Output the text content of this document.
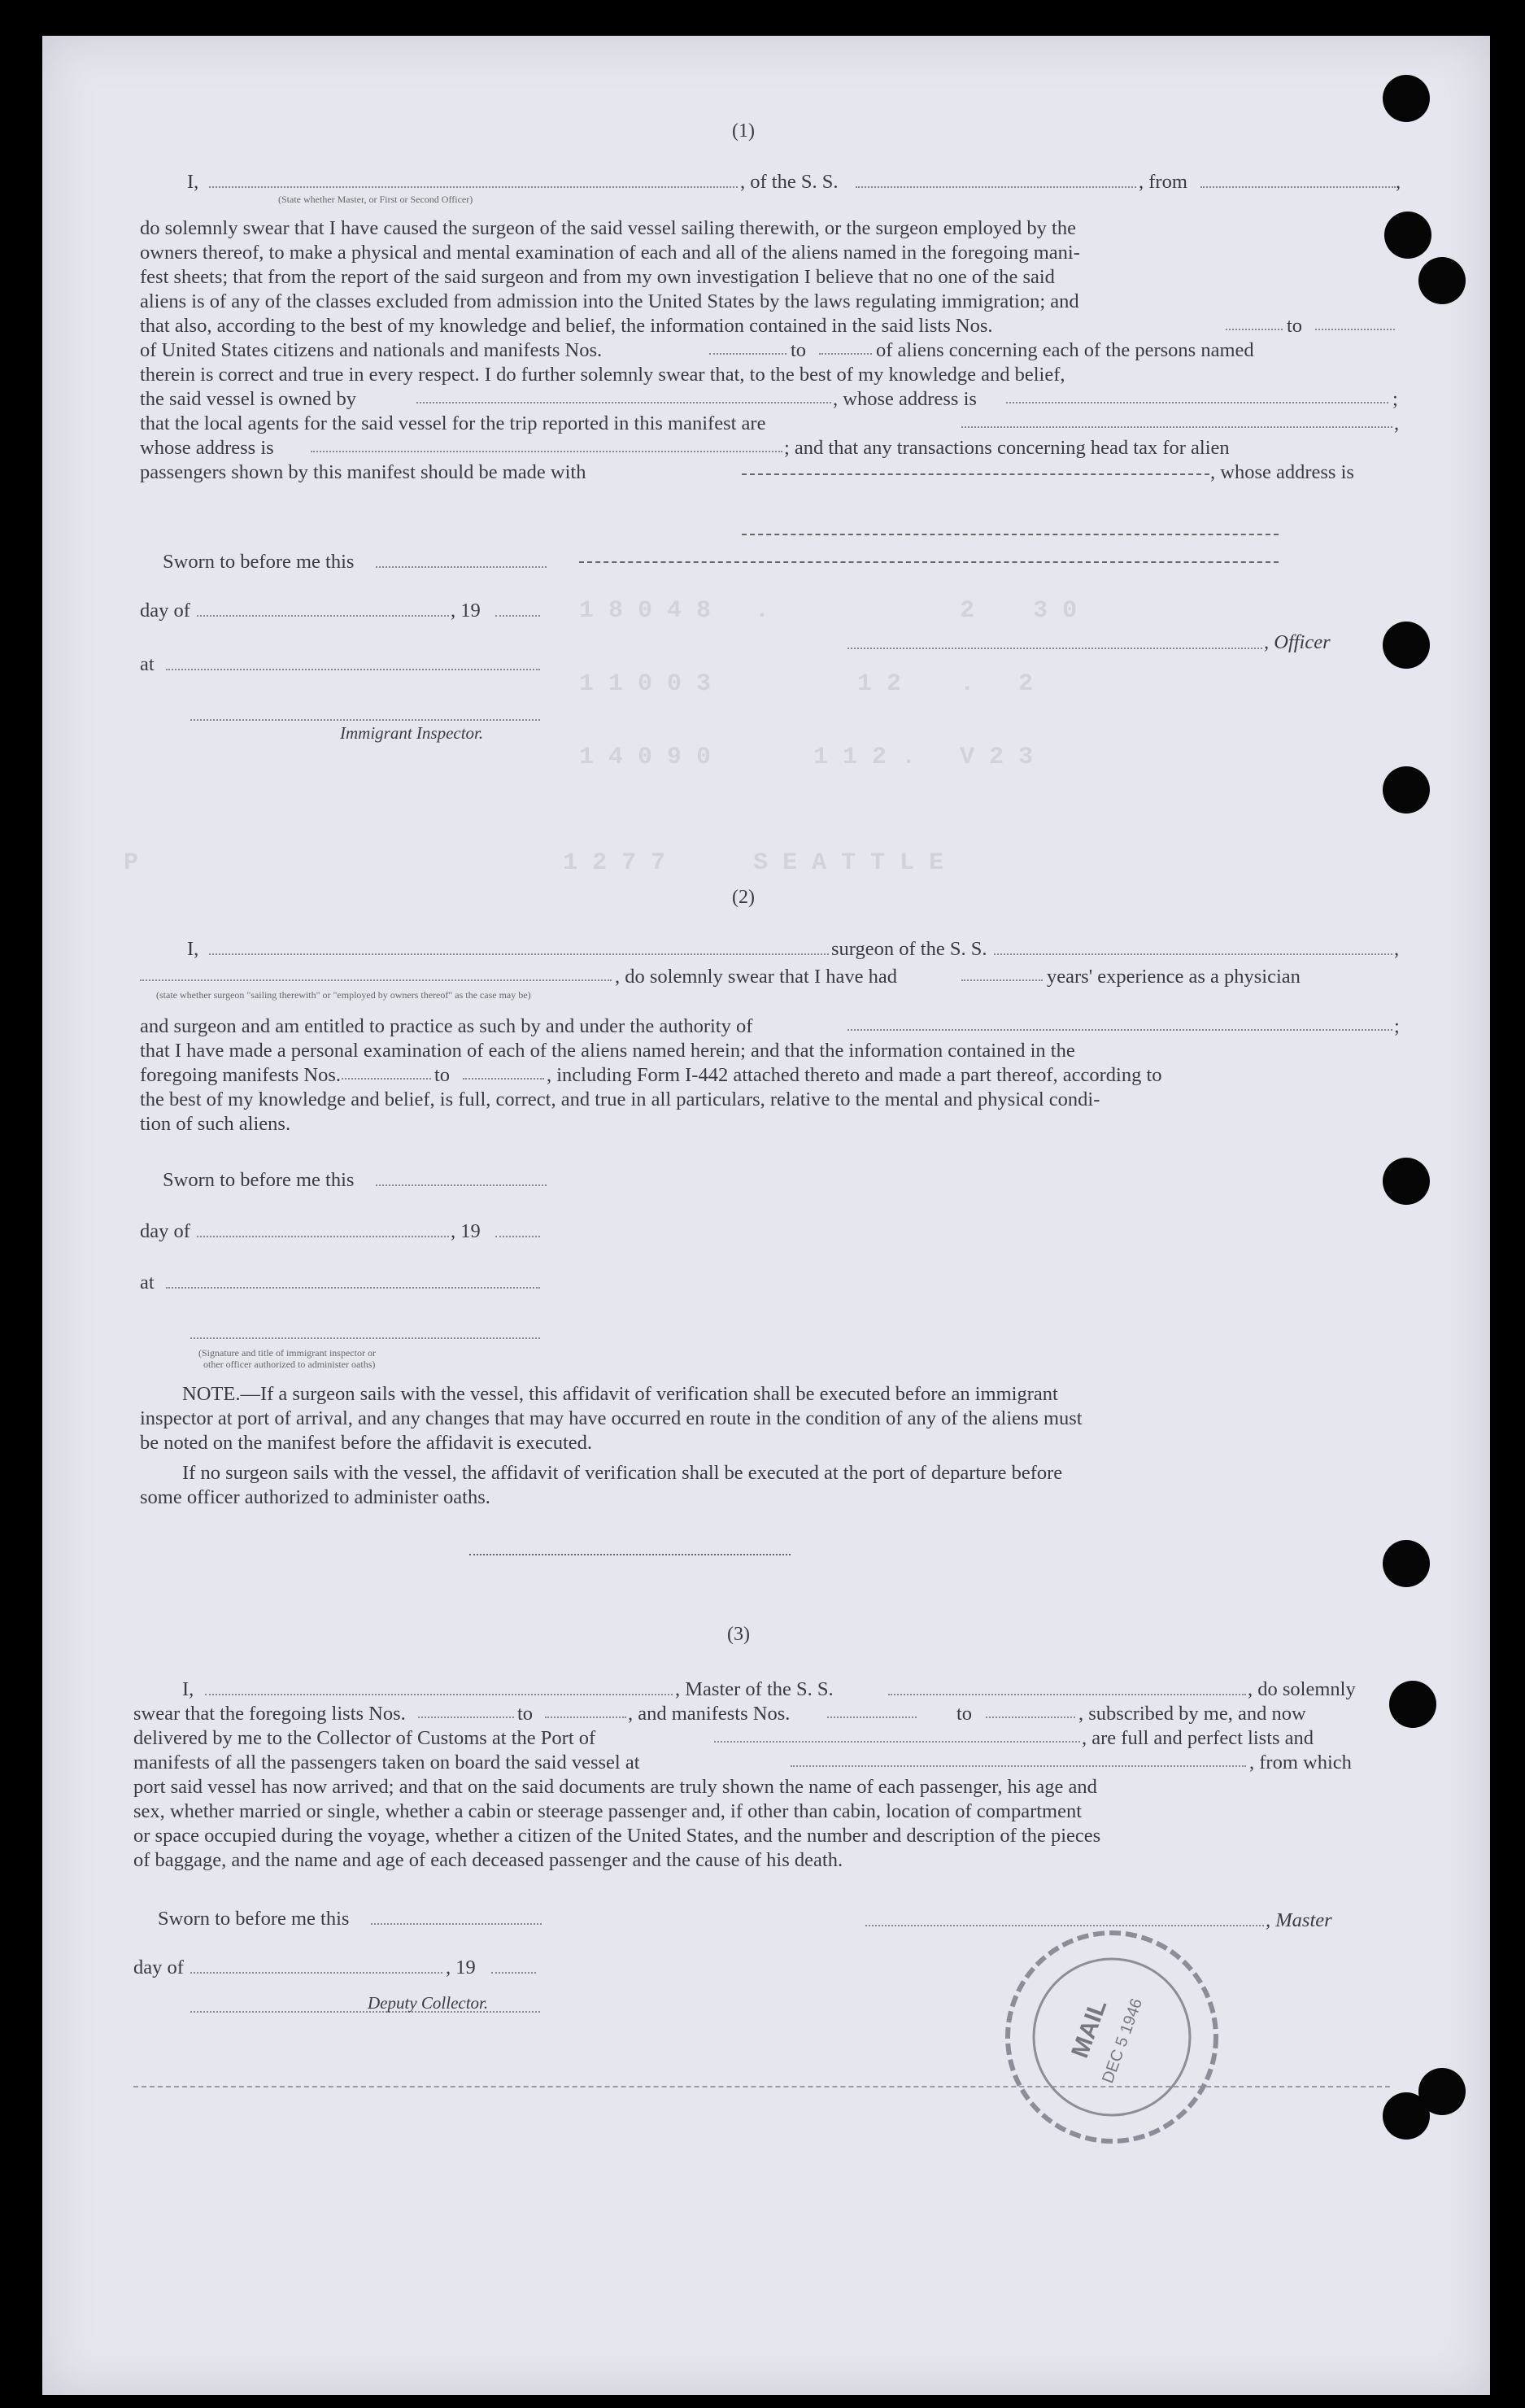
(1)
I,	, of the S. S.	, from	,
(State whether Master, or First or Second Officer)
do solemnly swear that I have caused the surgeon of the said vessel sailing therewith, or the surgeon employed by the
owners thereof, to make a physical and mental examination of each and all of the aliens named in the foregoing mani-
fest sheets; that from the report of the said surgeon and from my own investigation I believe that no one of the said
aliens is of any of the classes excluded from admission into the United States by the laws regulating immigration; and
that also, according to the best of my knowledge and belief, the information contained in the said lists Nos.	to
of United States citizens and nationals and manifests Nos.	to	of aliens concerning each of the persons named
therein is correct and true in every respect. I do further solemnly swear that, to the best of my knowledge and belief,
the said vessel is owned by	, whose address is	;
that the local agents for the said vessel for the trip reported in this manifest are	,
whose address is	; and that any transactions concerning head tax for alien
passengers shown by this manifest should be made with	, whose address is
Sworn to before me this
day of	, 19
, Officer
at
Immigrant Inspector.
1 8 0 4 8   .             2    3 0
1 1 0 0 3          1 2    .   2
1 4 0 9 0       1 1 2 .   V 2 3
P                             1 2 7 7      S E A T T L E
(2)
I,	surgeon of the S. S.	,
, do solemnly swear that I have had	years' experience as a physician
(state whether surgeon "sailing therewith" or "employed by owners thereof" as the case may be)
and surgeon and am entitled to practice as such by and under the authority of	;
that I have made a personal examination of each of the aliens named herein; and that the information contained in the
foregoing manifests Nos.	to	, including Form I-442 attached thereto and made a part thereof, according to
the best of my knowledge and belief, is full, correct, and true in all particulars, relative to the mental and physical condi-
tion of such aliens.
Sworn to before me this
day of	, 19
at
(Signature and title of immigrant inspector or
other officer authorized to administer oaths)
NOTE.—If a surgeon sails with the vessel, this affidavit of verification shall be executed before an immigrant
inspector at port of arrival, and any changes that may have occurred en route in the condition of any of the aliens must
be noted on the manifest before the affidavit is executed.
If no surgeon sails with the vessel, the affidavit of verification shall be executed at the port of departure before
some officer authorized to administer oaths.
(3)
I,	, Master of the S. S.	, do solemnly
swear that the foregoing lists Nos.	to	, and manifests Nos.	to	, subscribed by me, and now
delivered by me to the Collector of Customs at the Port of	, are full and perfect lists and
manifests of all the passengers taken on board the said vessel at	, from which
port said vessel has now arrived; and that on the said documents are truly shown the name of each passenger, his age and
sex, whether married or single, whether a cabin or steerage passenger and, if other than cabin, location of compartment
or space occupied during the voyage, whether a citizen of the United States, and the number and description of the pieces
of baggage, and the name and age of each deceased passenger and the cause of his death.
Sworn to before me this	, Master
day of	, 19
Deputy Collector.	MAIL
DEC 5 1946
